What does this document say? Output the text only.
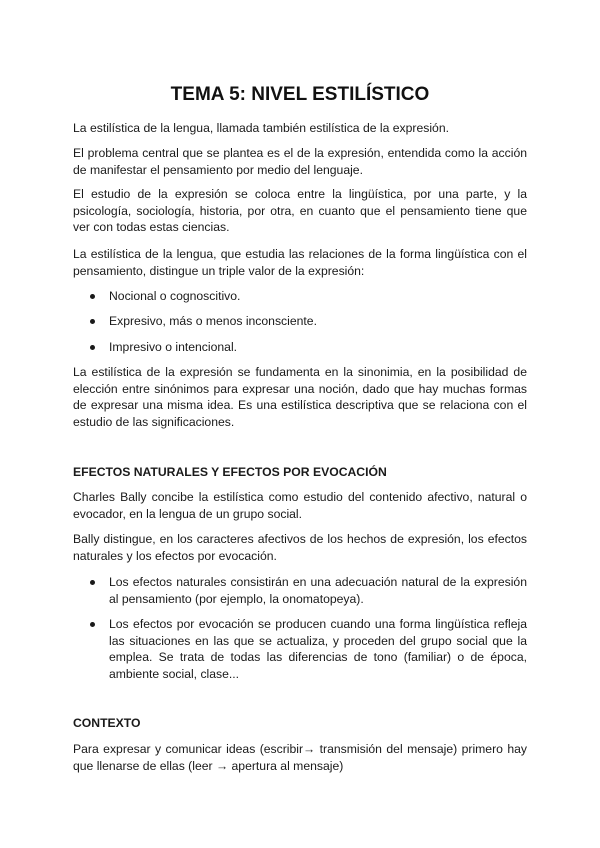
TEMA 5: NIVEL ESTILÍSTICO

La estilística de la lengua, llamada también estilística de la expresión.

El problema central que se plantea es el de la expresión, entendida como la acción de manifestar el pensamiento por medio del lenguaje.

El estudio de la expresión se coloca entre la lingüística, por una parte, y la psicología, sociología, historia, por otra, en cuanto que el pensamiento tiene que ver con todas estas ciencias.

La estilística de la lengua, que estudia las relaciones de la forma lingüística con el pensamiento, distingue un triple valor de la expresión:

Nocional o cognoscitivo.

Expresivo, más o menos inconsciente.

Impresivo o intencional.

La estilística de la expresión se fundamenta en la sinonimia, en la posibilidad de elección entre sinónimos para expresar una noción, dado que hay muchas formas de expresar una misma idea. Es una estilística descriptiva que se relaciona con el estudio de las significaciones.

EFECTOS NATURALES Y EFECTOS POR EVOCACIÓN

Charles Bally concibe la estilística como estudio del contenido afectivo, natural o evocador, en la lengua de un grupo social.

Bally distingue, en los caracteres afectivos de los hechos de expresión, los efectos naturales y los efectos por evocación.

Los efectos naturales consistirán en una adecuación natural de la expresión al pensamiento (por ejemplo, la onomatopeya).

Los efectos por evocación se producen cuando una forma lingüística refleja las situaciones en las que se actualiza, y proceden del grupo social que la emplea. Se trata de todas las diferencias de tono (familiar) o de época, ambiente social, clase...

CONTEXTO

Para expresar y comunicar ideas (escribir→ transmisión del mensaje) primero hay que llenarse de ellas (leer → apertura al mensaje)
